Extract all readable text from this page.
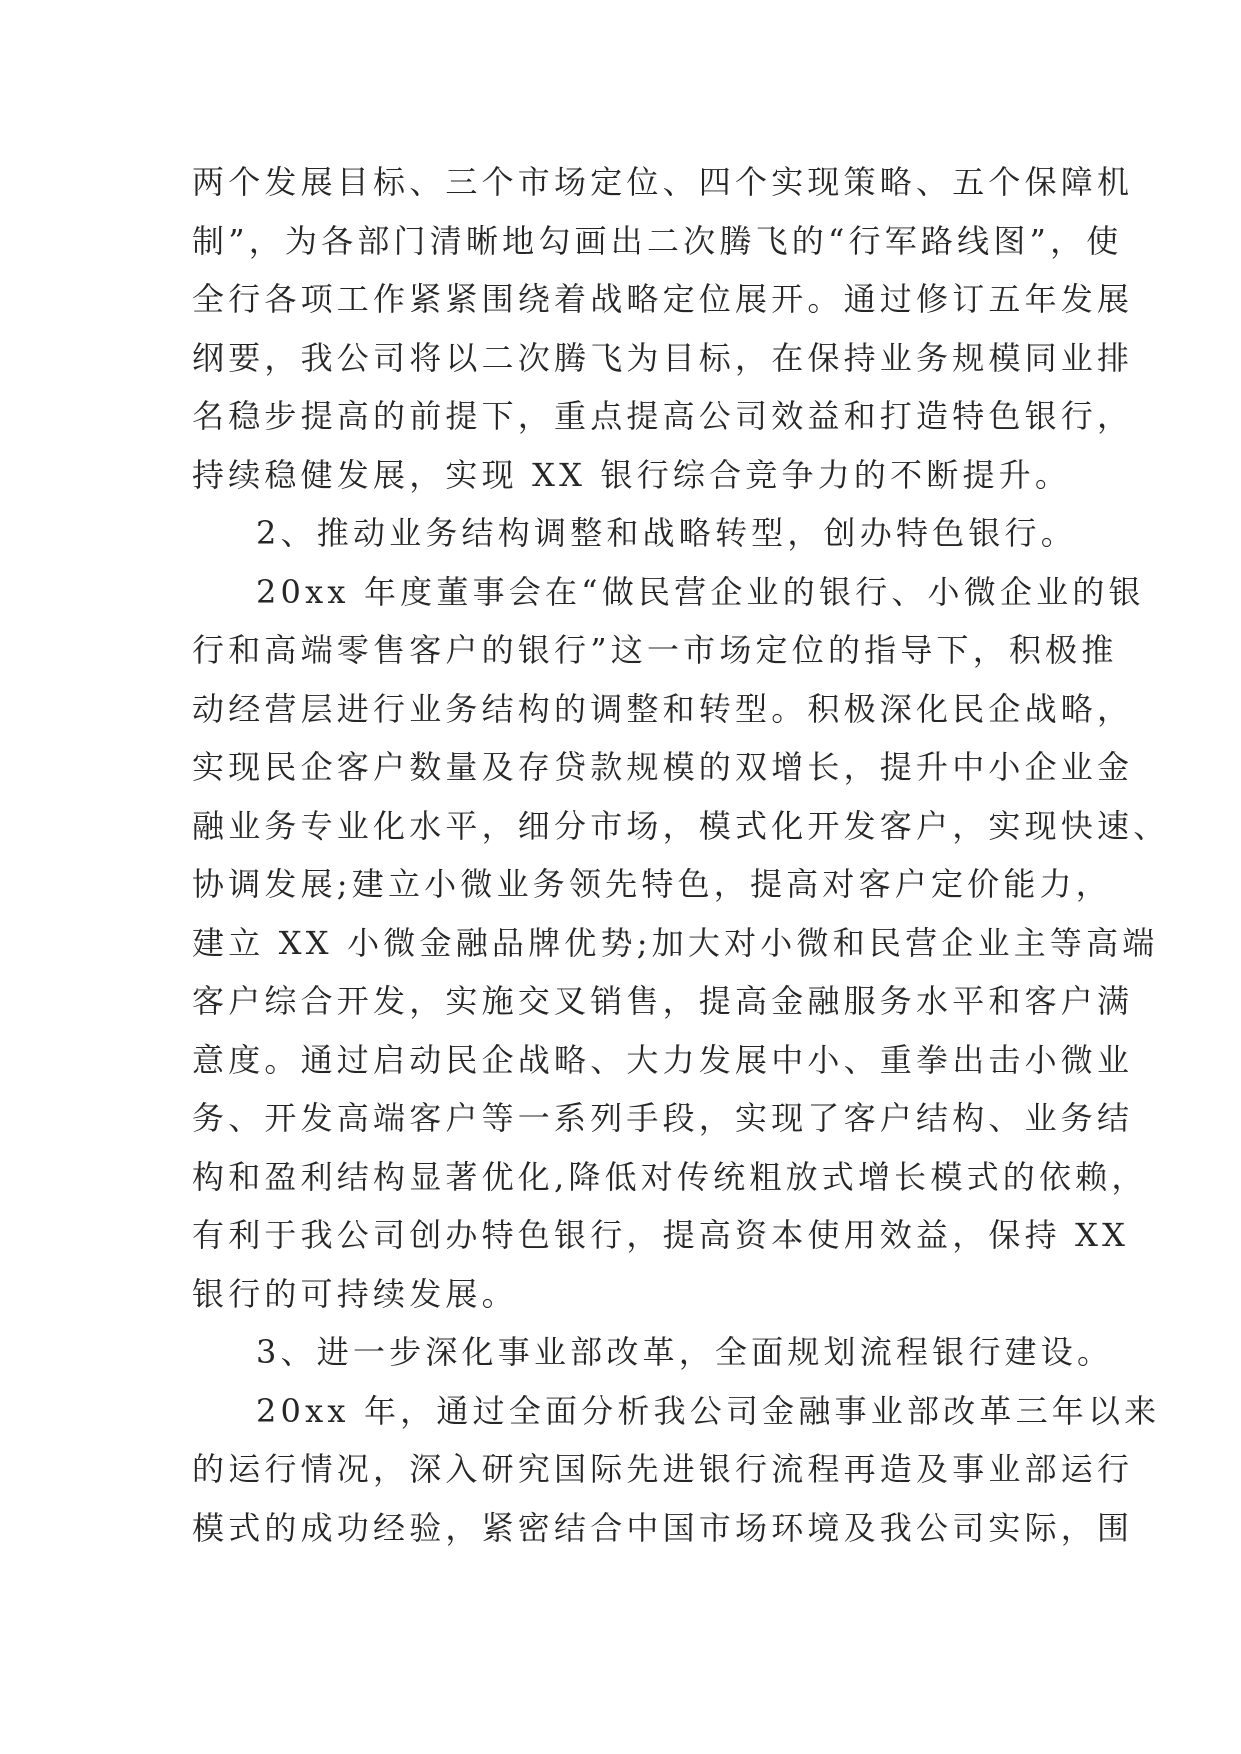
两个发展目标、三个市场定位、四个实现策略、五个保障机
制”，为各部门清晰地勾画出二次腾飞的“行军路线图”，使
全行各项工作紧紧围绕着战略定位展开。通过修订五年发展
纲要，我公司将以二次腾飞为目标，在保持业务规模同业排
名稳步提高的前提下，重点提高公司效益和打造特色银行，
持续稳健发展，实现 XX 银行综合竞争力的不断提升。
2、推动业务结构调整和战略转型，创办特色银行。
20xx 年度董事会在“做民营企业的银行、小微企业的银
行和高端零售客户的银行”这一市场定位的指导下，积极推
动经营层进行业务结构的调整和转型。积极深化民企战略，
实现民企客户数量及存贷款规模的双增长，提升中小企业金
融业务专业化水平，细分市场，模式化开发客户，实现快速、
协调发展;建立小微业务领先特色，提高对客户定价能力，
建立 XX 小微金融品牌优势;加大对小微和民营企业主等高端
客户综合开发，实施交叉销售，提高金融服务水平和客户满
意度。通过启动民企战略、大力发展中小、重拳出击小微业
务、开发高端客户等一系列手段，实现了客户结构、业务结
构和盈利结构显著优化,降低对传统粗放式增长模式的依赖，
有利于我公司创办特色银行，提高资本使用效益，保持 XX
银行的可持续发展。
3、进一步深化事业部改革，全面规划流程银行建设。
20xx 年，通过全面分析我公司金融事业部改革三年以来
的运行情况，深入研究国际先进银行流程再造及事业部运行
模式的成功经验，紧密结合中国市场环境及我公司实际，围
